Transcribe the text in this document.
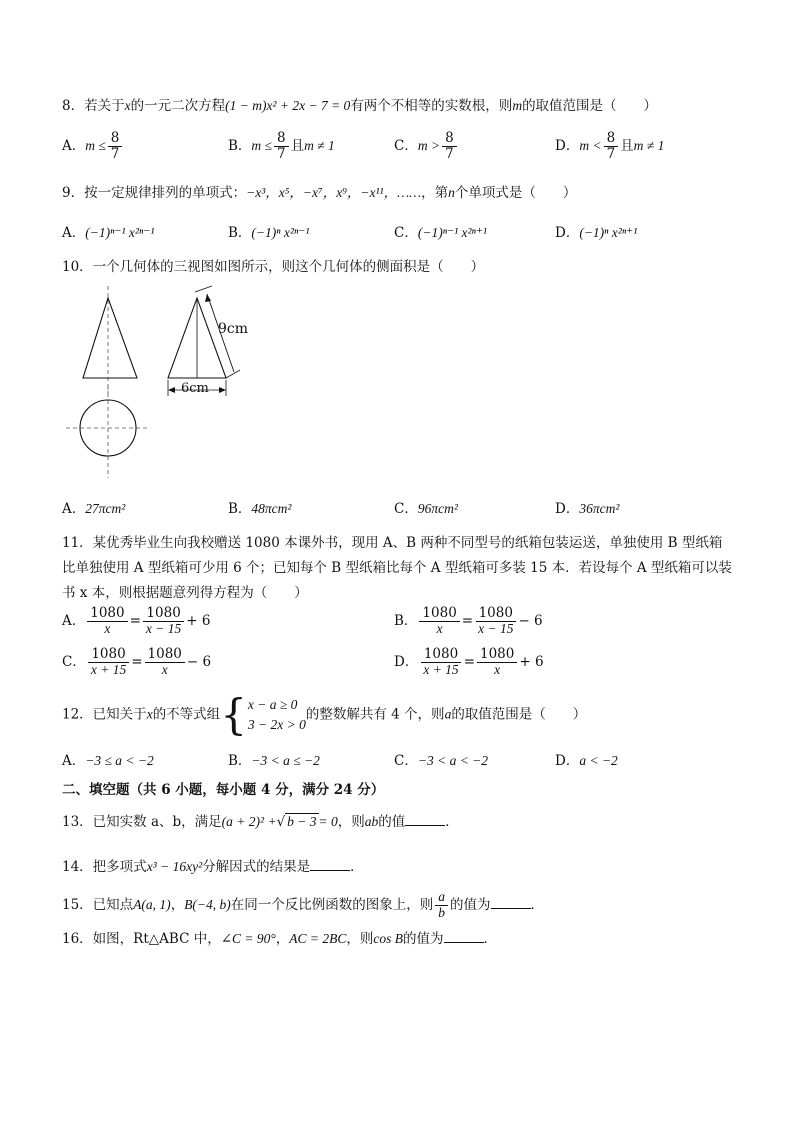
8．若关于x的一元二次方程(1 − m)x² + 2x − 7 = 0有两个不相等的实数根，则m的取值范围是（　　）
A．$m \le \frac{8}{7}$	B．$m \le \frac{8}{7}$ 且m ≠ 1	C．$m > \frac{8}{7}$	D．$m < \frac{8}{7}$ 且m ≠ 1
9．按一定规律排列的单项式：−x³，x⁵，−x⁷，x⁹，−x¹¹，……，第n个单项式是（　　）
A．(−1)ⁿ⁻¹ x²ⁿ⁻¹	B．(−1)ⁿ x²ⁿ⁻¹	C．(−1)ⁿ⁻¹ x²ⁿ⁺¹	D．(−1)ⁿ x²ⁿ⁺¹
10．一个几何体的三视图如图所示，则这个几何体的侧面积是（　　）
9cm
6cm
A．27πcm²	B．48πcm²	C．96πcm²	D．36πcm²
11．某优秀毕业生向我校赠送 1080 本课外书，现用 A、B 两种不同型号的纸箱包装运送，单独使用 B 型纸箱
比单独使用 A 型纸箱可少用 6 个；已知每个 B 型纸箱比每个 A 型纸箱可多装 15 本．若设每个 A 型纸箱可以装
书 x 本，则根据题意列得方程为（　　）
A． $\frac{1080}{x} = \frac{1080}{x - 15} + 6$	B． $\frac{1080}{x} = \frac{1080}{x - 15} - 6$
C． $\frac{1080}{x + 15} = \frac{1080}{x} - 6$	D． $\frac{1080}{x + 15} = \frac{1080}{x} + 6$
12．已知关于x的不等式组 { x − a ≥ 0
3 − 2x > 0
的整数解共有 4 个，则a的取值范围是（　　）
A．−3 ≤ a < −2	B．−3 < a ≤ −2	C．−3 < a < −2	D．a < −2
二、填空题（共 6 小题，每小题 4 分，满分 24 分）
13．已知实数 a、b，满足(a + 2)² +√ b − 3 = 0，则ab的值	．
14．把多项式x³ − 16xy²分解因式的结果是	．
15．已知点A(a, 1)，B(−4, b)在同一个反比例函数的图象上，则 $\frac{a}{b}$ 的值为	．
16．如图，Rt△ABC 中，∠C = 90°，AC = 2BC，则cos B的值为	．
